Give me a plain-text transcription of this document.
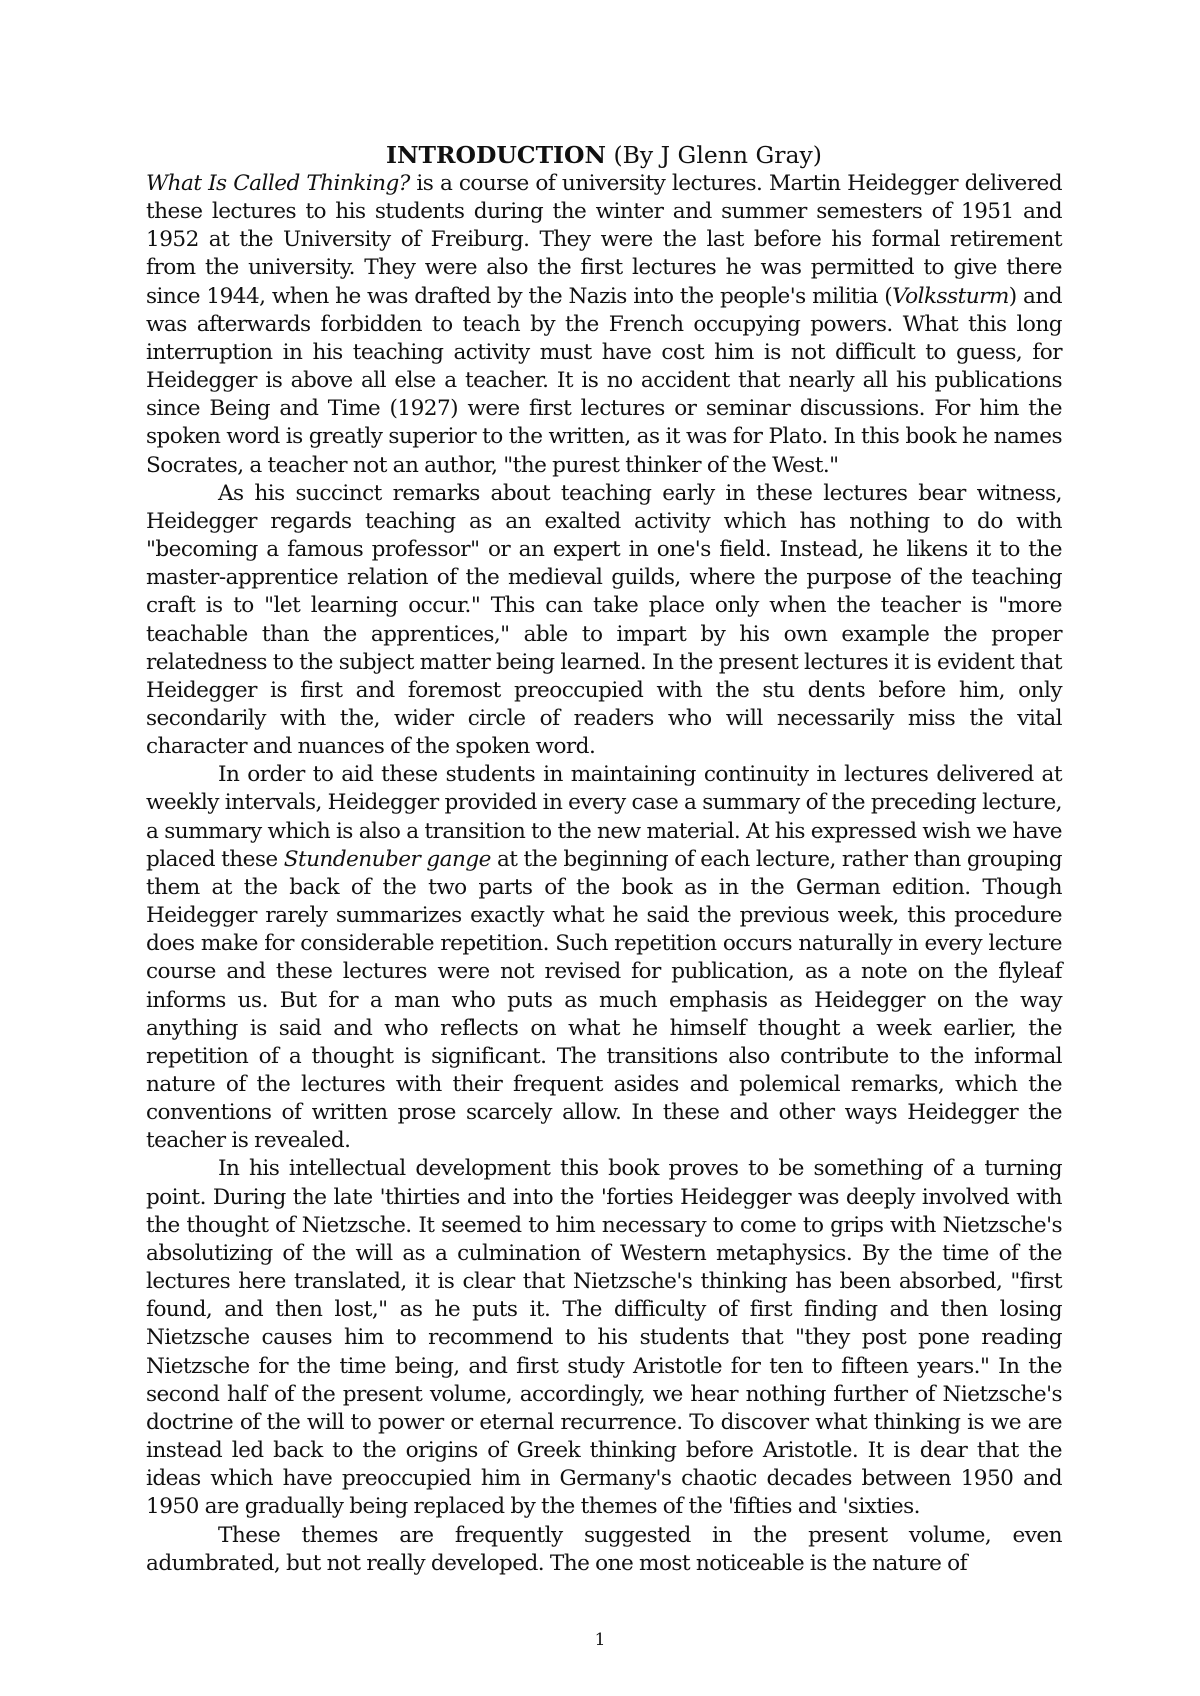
INTRODUCTION (By J Glenn Gray)

What Is Called Thinking? is a course of university lectures. Martin Heidegger delivered these lectures to his students during the winter and summer semesters of 1951 and 1952 at the University of Freiburg. They were the last before his formal retirement from the university. They were also the first lectures he was permitted to give there since 1944, when he was drafted by the Nazis into the people's militia (Volkssturm) and was afterwards forbidden to teach by the French occupying powers. What this long interruption in his teaching activity must have cost him is not difficult to guess, for Heidegger is above all else a teacher. It is no accident that nearly all his publications since Being and Time (1927) were first lectures or seminar discussions. For him the spoken word is greatly superior to the written, as it was for Plato. In this book he names Socrates, a teacher not an author, "the purest thinker of the West."

As his succinct remarks about teaching early in these lectures bear witness, Heidegger regards teaching as an exalted activity which has nothing to do with "becoming a famous professor" or an expert in one's field. Instead, he likens it to the master-apprentice relation of the medieval guilds, where the purpose of the teaching craft is to "let learning occur." This can take place only when the teacher is "more teachable than the apprentices," able to impart by his own example the proper relatedness to the subject matter being learned. In the present lectures it is evident that Heidegger is first and foremost preoccupied with the stu dents before him, only secondarily with the, wider circle of readers who will necessarily miss the vital character and nuances of the spoken word.

In order to aid these students in maintaining continuity in lectures delivered at weekly intervals, Heidegger provided in every case a summary of the preceding lecture, a summary which is also a transition to the new material. At his expressed wish we have placed these Stundenuber gange at the beginning of each lecture, rather than grouping them at the back of the two parts of the book as in the German edition. Though Heidegger rarely summarizes exactly what he said the previous week, this procedure does make for considerable repetition. Such repetition occurs naturally in every lecture course and these lectures were not revised for publication, as a note on the flyleaf informs us. But for a man who puts as much emphasis as Heidegger on the way anything is said and who reflects on what he himself thought a week earlier, the repetition of a thought is significant. The transitions also contribute to the informal nature of the lectures with their frequent asides and polemical remarks, which the conventions of written prose scarcely allow. In these and other ways Heidegger the teacher is revealed.

In his intellectual development this book proves to be something of a turning point. During the late 'thirties and into the 'forties Heidegger was deeply involved with the thought of Nietzsche. It seemed to him necessary to come to grips with Nietzsche's absolutizing of the will as a culmination of Western metaphysics. By the time of the lectures here translated, it is clear that Nietzsche's thinking has been absorbed, "first found, and then lost," as he puts it. The difficulty of first finding and then losing Nietzsche causes him to recommend to his students that "they post pone reading Nietzsche for the time being, and first study Aristotle for ten to fifteen years." In the second half of the present volume, accordingly, we hear nothing further of Nietzsche's doctrine of the will to power or eternal recurrence. To discover what thinking is we are instead led back to the origins of Greek thinking before Aristotle. It is dear that the ideas which have preoccupied him in Germany's chaotic decades between 1950 and 1950 are gradually being replaced by the themes of the 'fifties and 'sixties.

These themes are frequently suggested in the present volume, even adumbrated, but not really developed. The one most noticeable is the nature of

1
